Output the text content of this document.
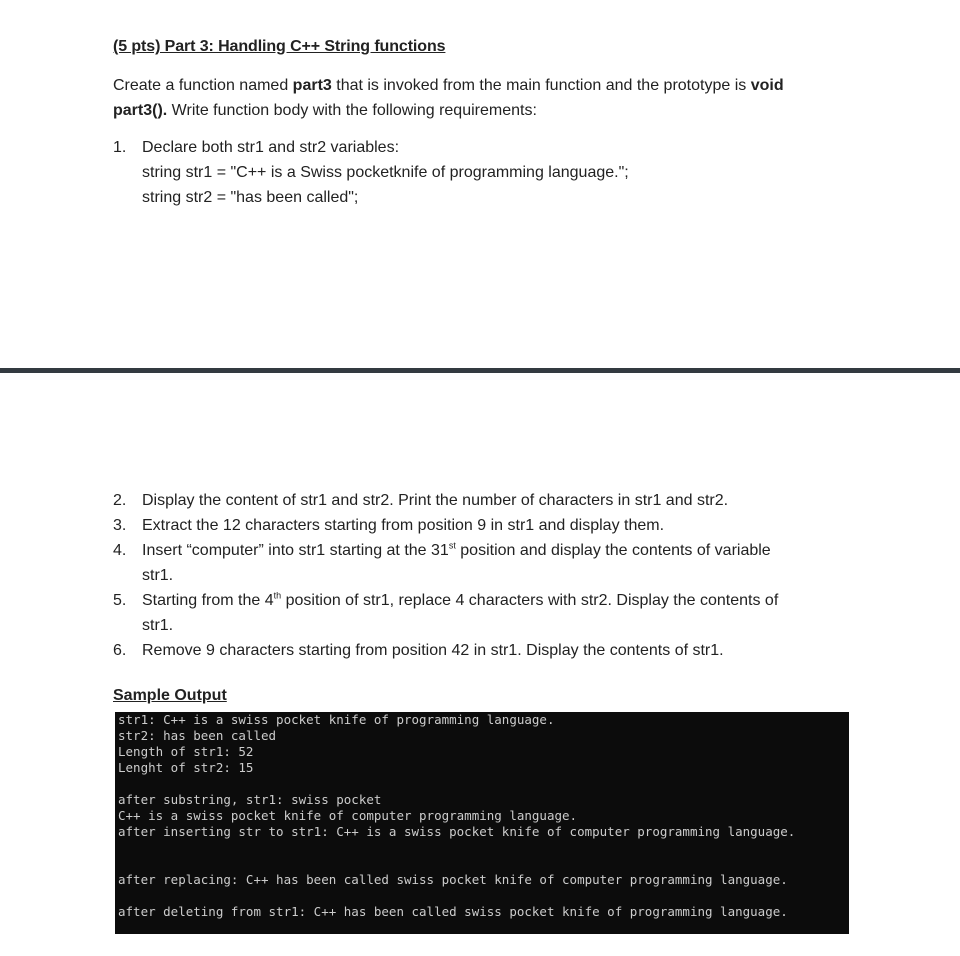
(5 pts) Part 3: Handling C++ String functions
Create a function named part3 that is invoked from the main function and the prototype is void
part3(). Write function body with the following requirements:
1. Declare both str1 and str2 variables:
string str1 = "C++ is a Swiss pocketknife of programming language.";
string str2 = "has been called";
2. Display the content of str1 and str2. Print the number of characters in str1 and str2.
3. Extract the 12 characters starting from position 9 in str1 and display them.
4. Insert “computer” into str1 starting at the 31st position and display the contents of variable
str1.
5. Starting from the 4th position of str1, replace 4 characters with str2. Display the contents of
str1.
6. Remove 9 characters starting from position 42 in str1. Display the contents of str1.
Sample Output
str1: C++ is a swiss pocket knife of programming language.
str2: has been called
Length of str1: 52
Lenght of str2: 15
after substring, str1: swiss pocket
C++ is a swiss pocket knife of computer programming language.
after inserting str to str1: C++ is a swiss pocket knife of computer programming language.
after replacing: C++ has been called swiss pocket knife of computer programming language.
after deleting from str1: C++ has been called swiss pocket knife of programming language.
